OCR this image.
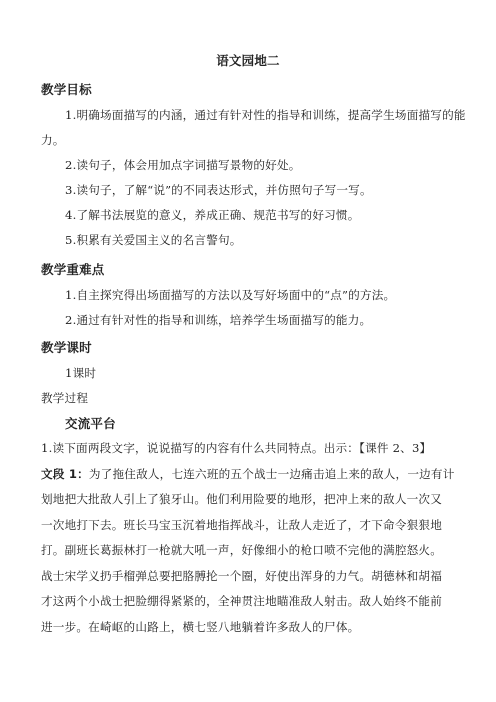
语文园地二
教学目标
1.明确场面描写的内涵，通过有针对性的指导和训练，提高学生场面描写的能
力。
2.读句子，体会用加点字词描写景物的好处。
3.读句子，了解“说”的不同表达形式，并仿照句子写一写。
4.了解书法展览的意义，养成正确、规范书写的好习惯。
5.积累有关爱国主义的名言警句。
教学重难点
1.自主探究得出场面描写的方法以及写好场面中的“点”的方法。
2.通过有针对性的指导和训练，培养学生场面描写的能力。
教学课时
1课时
教学过程
交流平台
1.读下面两段文字，说说描写的内容有什么共同特点。出示：【课件 2、3】
文段 1：为了拖住敌人，七连六班的五个战士一边痛击追上来的敌人，一边有计
划地把大批敌人引上了狼牙山。他们利用险要的地形，把冲上来的敌人一次又
一次地打下去。班长马宝玉沉着地指挥战斗，让敌人走近了，才下命令狠狠地
打。副班长葛振林打一枪就大吼一声，好像细小的枪口喷不完他的满腔怒火。
战士宋学义扔手榴弹总要把胳膊抡一个圈，好使出浑身的力气。胡德林和胡福
才这两个小战士把脸绷得紧紧的，全神贯注地瞄准敌人射击。敌人始终不能前
进一步。在崎岖的山路上，横七竖八地躺着许多敌人的尸体。
